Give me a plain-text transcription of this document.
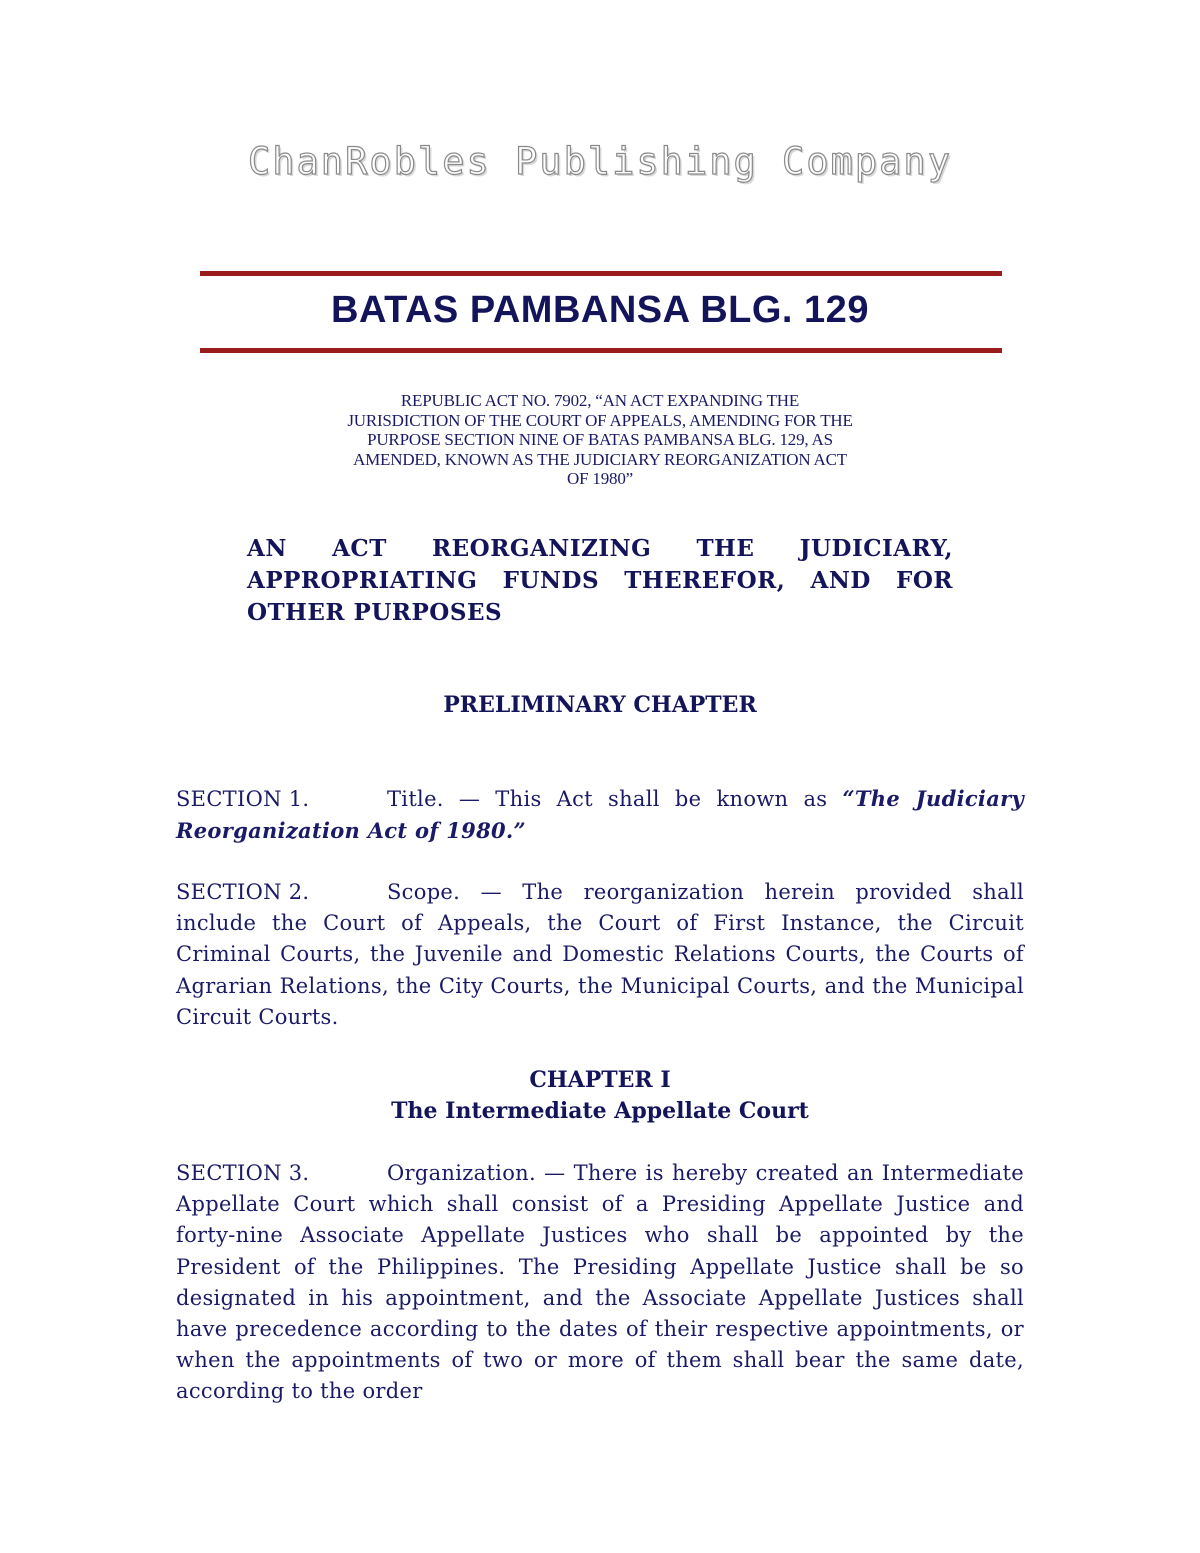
ChanRobles Publishing Company
BATAS PAMBANSA BLG. 129
REPUBLIC ACT NO. 7902, “AN ACT EXPANDING THE
JURISDICTION OF THE COURT OF APPEALS, AMENDING FOR THE
PURPOSE SECTION NINE OF BATAS PAMBANSA BLG. 129, AS
AMENDED, KNOWN AS THE JUDICIARY REORGANIZATION ACT
OF 1980”
AN ACT REORGANIZING THE JUDICIARY, APPROPRIATING FUNDS THEREFOR, AND FOR OTHER PURPOSES
PRELIMINARY CHAPTER
SECTION 1.	Title. — This Act shall be known as “The Judiciary Reorganization Act of 1980.”
SECTION 2.	Scope. — The reorganization herein provided shall include the Court of Appeals, the Court of First Instance, the Circuit Criminal Courts, the Juvenile and Domestic Relations Courts, the Courts of Agrarian Relations, the City Courts, the Municipal Courts, and the Municipal Circuit Courts.
CHAPTER I
The Intermediate Appellate Court
SECTION 3.	Organization. — There is hereby created an Intermediate Appellate Court which shall consist of a Presiding Appellate Justice and forty-nine Associate Appellate Justices who shall be appointed by the President of the Philippines. The Presiding Appellate Justice shall be so designated in his appointment, and the Associate Appellate Justices shall have precedence according to the dates of their respective appointments, or when the appointments of two or more of them shall bear the same date, according to the order
